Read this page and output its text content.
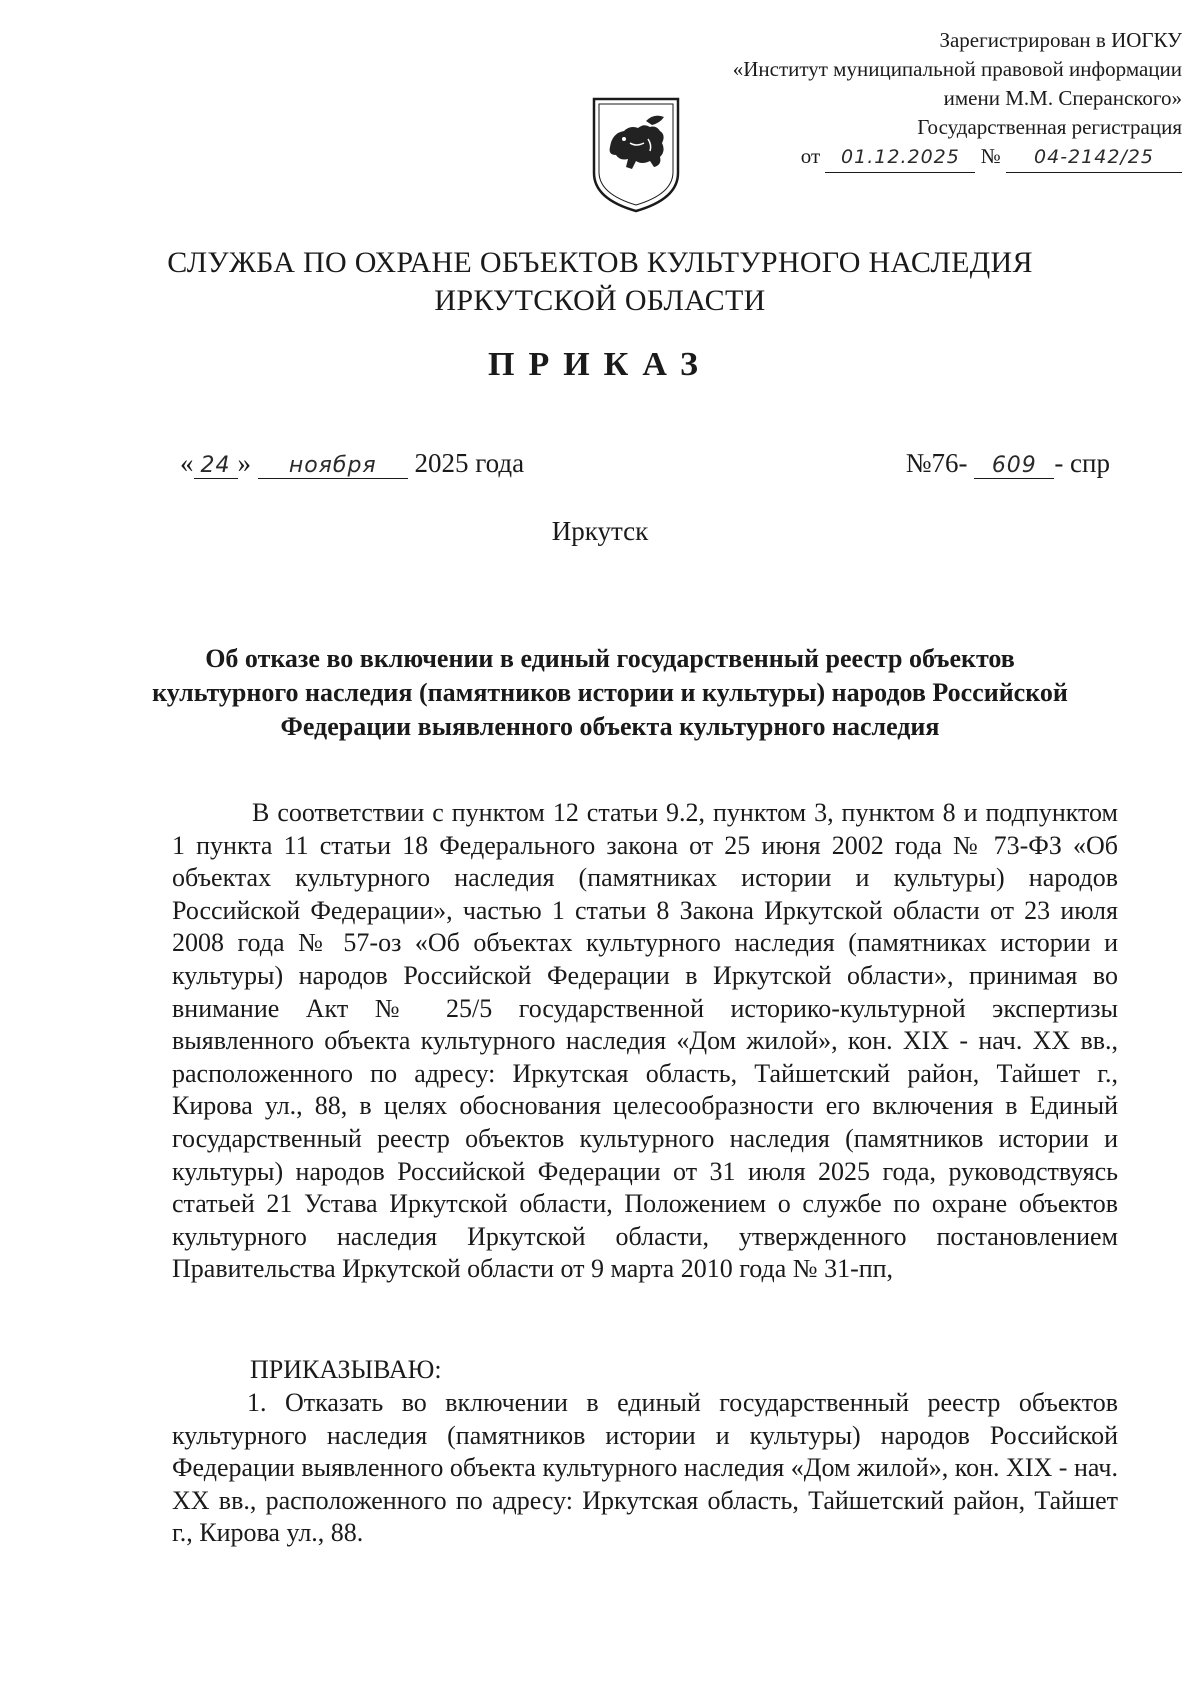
Зарегистрирован в ИОГКУ
«Институт муниципальной правовой информации
имени М.М. Сперанского»
Государственная регистрация
от 01.12.2025 № 04-2142/25
СЛУЖБА ПО ОХРАНЕ ОБЪЕКТОВ КУЛЬТУРНОГО НАСЛЕДИЯ
ИРКУТСКОЙ ОБЛАСТИ
ПРИКАЗ
« 24 » ноября 2025 года	№76- 609 - спр
Иркутск
Об отказе во включении в единый государственный реестр объектов культурного наследия (памятников истории и культуры) народов Российской Федерации выявленного объекта культурного наследия

В соответствии с пунктом 12 статьи 9.2, пунктом 3, пунктом 8 и подпунктом 1 пункта 11 статьи 18 Федерального закона от 25 июня 2002 года № 73-ФЗ «Об объектах культурного наследия (памятниках истории и культуры) народов Российской Федерации», частью 1 статьи 8 Закона Иркутской области от 23 июля 2008 года № 57-оз «Об объектах культурного наследия (памятниках истории и культуры) народов Российской Федерации в Иркутской области», принимая во внимание Акт № 25/5 государственной историко-культурной экспертизы выявленного объекта культурного наследия «Дом жилой», кон. XIX - нач. XX вв., расположенного по адресу: Иркутская область, Тайшетский район, Тайшет г., Кирова ул., 88, в целях обоснования целесообразности его включения в Единый государственный реестр объектов культурного наследия (памятников истории и культуры) народов Российской Федерации от 31 июля 2025 года, руководствуясь статьей 21 Устава Иркутской области, Положением о службе по охране объектов культурного наследия Иркутской области, утвержденного постановлением Правительства Иркутской области от 9 марта 2010 года № 31-пп,

ПРИКАЗЫВАЮ:

1. Отказать во включении в единый государственный реестр объектов культурного наследия (памятников истории и культуры) народов Российской Федерации выявленного объекта культурного наследия «Дом жилой», кон. XIX - нач. XX вв., расположенного по адресу: Иркутская область, Тайшетский район, Тайшет г., Кирова ул., 88.
